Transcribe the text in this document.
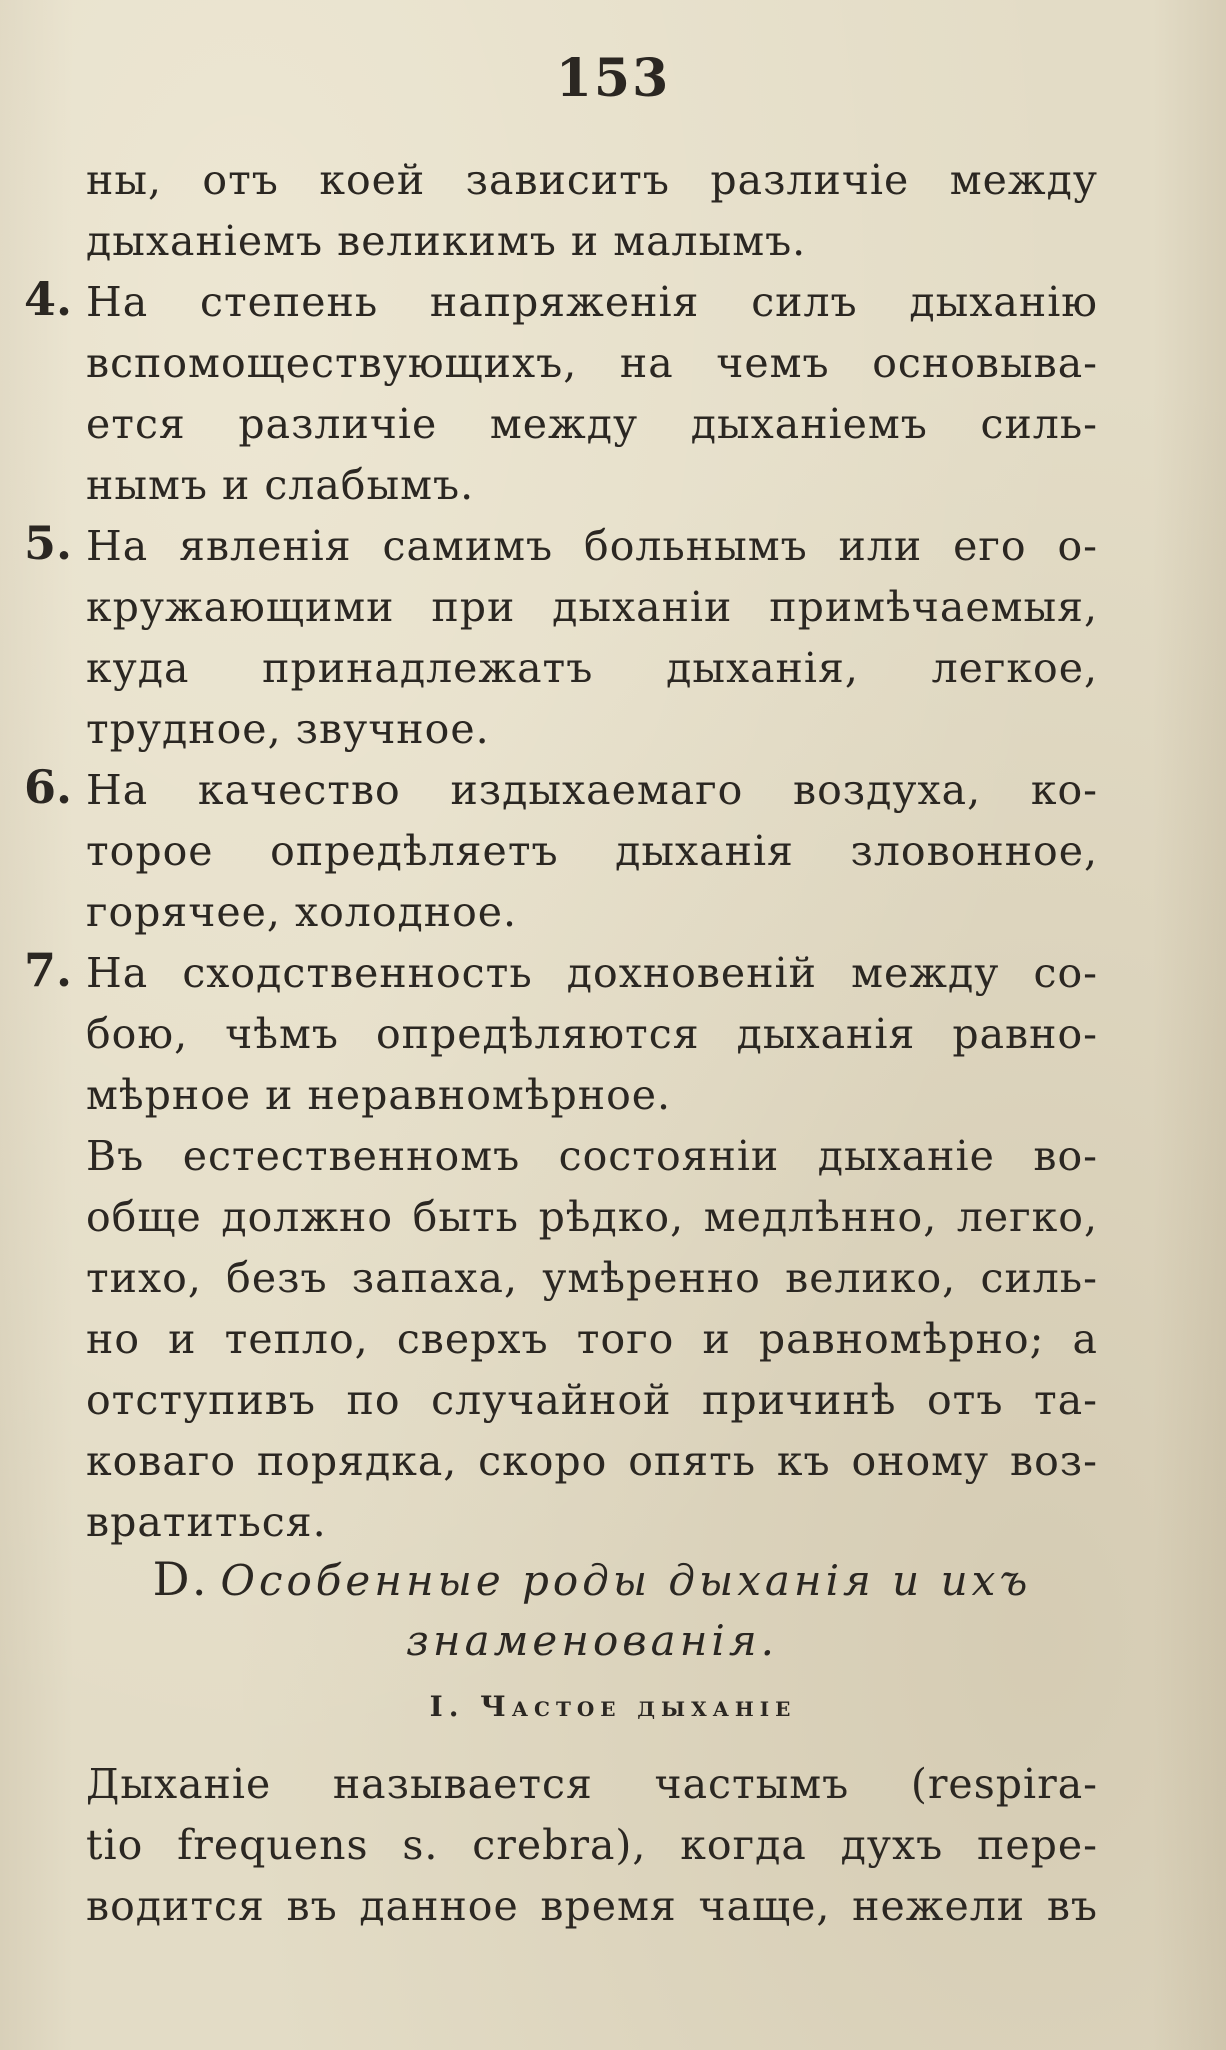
153
ны, отъ коей зависитъ различіе между
дыханіемъ великимъ и малымъ.
4. На степень напряженія силъ дыханію
вспомоществующихъ, на чемъ основыва-
ется различіе между дыханіемъ силь-
нымъ и слабымъ.
5. На явленія самимъ больнымъ или его о-
кружающими при дыханіи примѣчаемыя,
куда принадлежатъ дыханія, легкое,
трудное, звучное.
6. На качество издыхаемаго воздуха, ко-
торое опредѣляетъ дыханія зловонное,
горячее, холодное.
7. На сходственность дохновеній между со-
бою, чѣмъ опредѣляются дыханія равно-
мѣрное и неравномѣрное.
Въ естественномъ состояніи дыханіе во-
обще должно быть рѣдко, медлѣнно, легко,
тихо, безъ запаха, умѣренно велико, силь-
но и тепло, сверхъ того и равномѣрно; а
отступивъ по случайной причинѣ отъ та-
коваго порядка, скоро опять къ оному воз-
вратиться.
D. Особенные роды дыханія и ихъ
знаменованія.
I. Частое дыханіе
Дыханіе называется частымъ (respira-
tio frequens s. crebra), когда духъ пере-
водится въ данное время чаще, нежели въ
